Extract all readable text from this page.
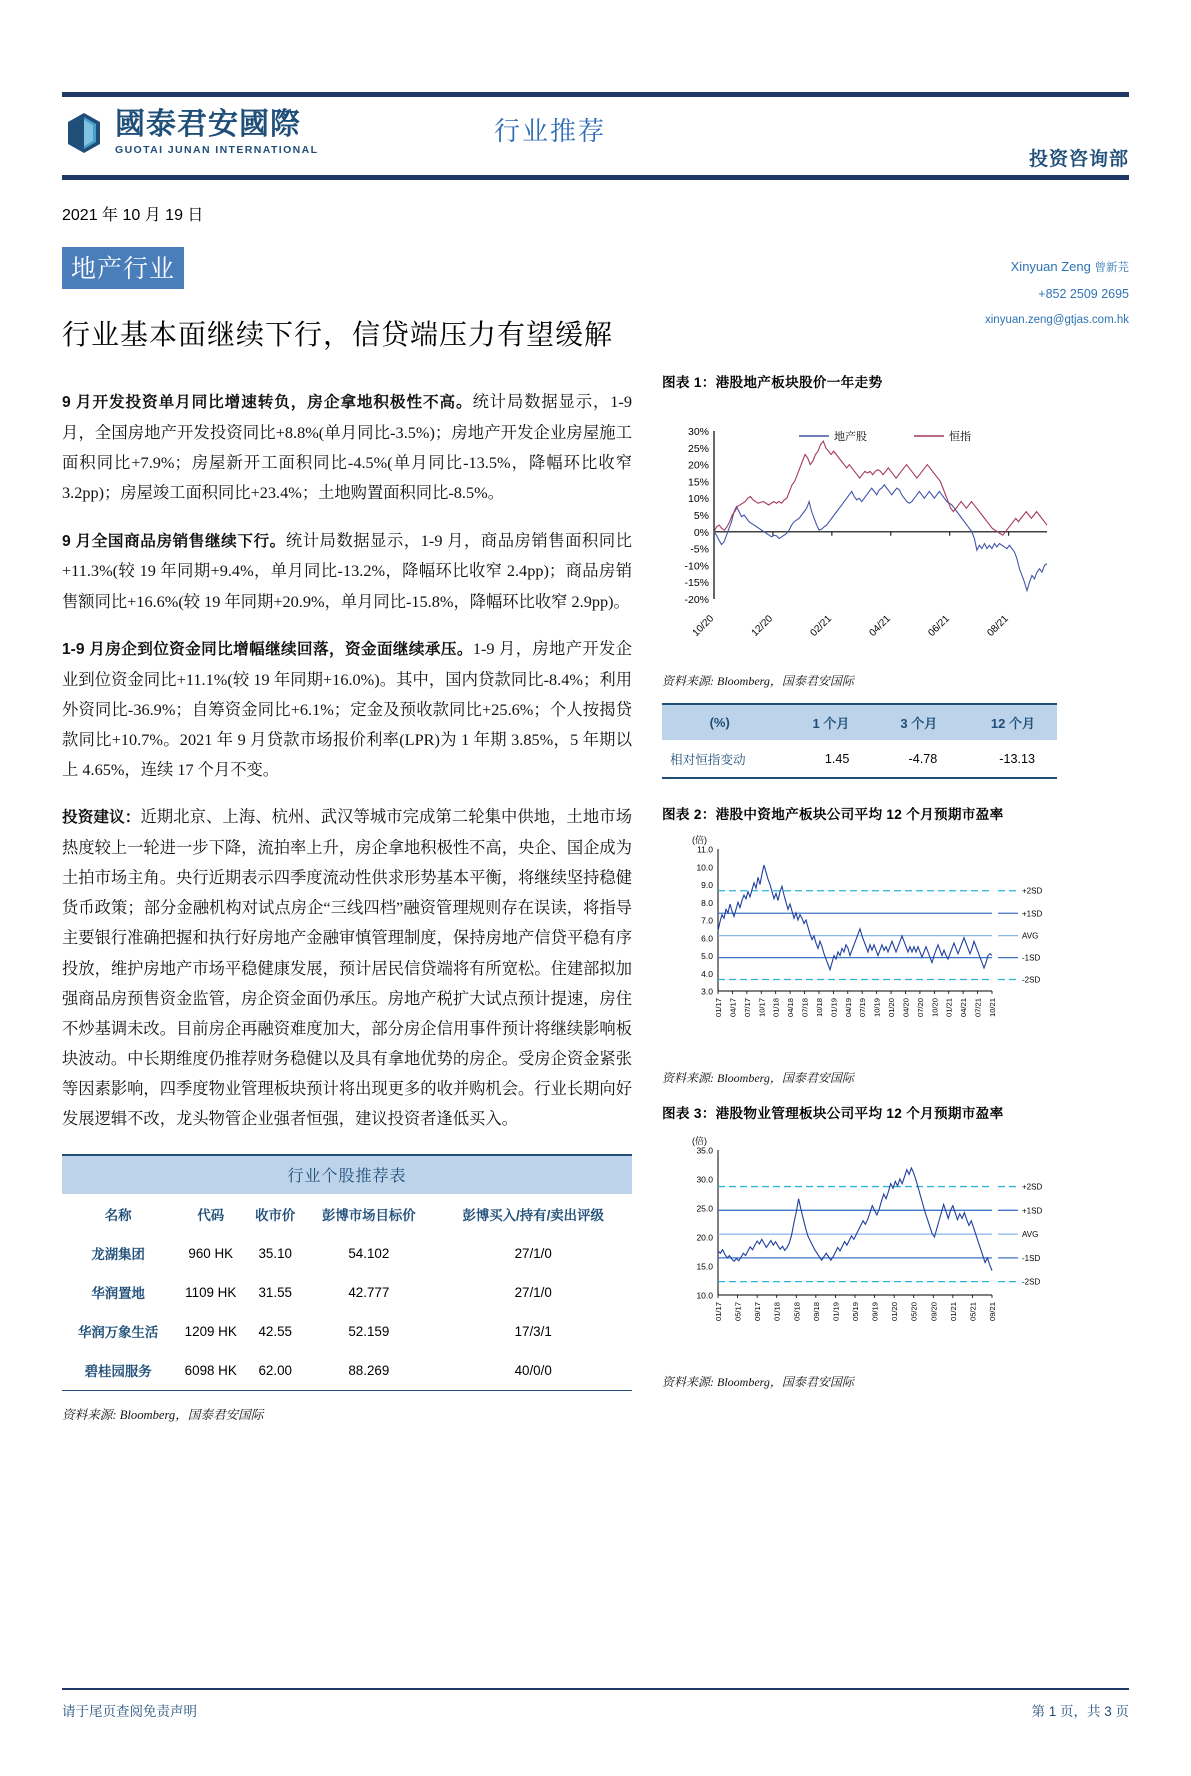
國泰君安國際
GUOTAI JUNAN INTERNATIONAL
行业推荐
投资咨询部
2021 年 10 月 19 日
地产行业
行业基本面继续下行，信贷端压力有望缓解
Xinyuan Zeng 曾新芫
+852 2509 2695
xinyuan.zeng@gtjas.com.hk

9 月开发投资单月同比增速转负，房企拿地积极性不高。统计局数据显示，1-9 月，全国房地产开发投资同比+8.8%(单月同比-3.5%)；房地产开发企业房屋施工面积同比+7.9%；房屋新开工面积同比-4.5%(单月同比-13.5%，降幅环比收窄 3.2pp)；房屋竣工面积同比+23.4%；土地购置面积同比-8.5%。

9 月全国商品房销售继续下行。统计局数据显示，1-9 月，商品房销售面积同比+11.3%(较 19 年同期+9.4%，单月同比-13.2%，降幅环比收窄 2.4pp)；商品房销售额同比+16.6%(较 19 年同期+20.9%，单月同比-15.8%，降幅环比收窄 2.9pp)。

1-9 月房企到位资金同比增幅继续回落，资金面继续承压。1-9 月，房地产开发企业到位资金同比+11.1%(较 19 年同期+16.0%)。其中，国内贷款同比-8.4%；利用外资同比-36.9%；自筹资金同比+6.1%；定金及预收款同比+25.6%；个人按揭贷款同比+10.7%。2021 年 9 月贷款市场报价利率(LPR)为 1 年期 3.85%，5 年期以上 4.65%，连续 17 个月不变。

投资建议：近期北京、上海、杭州、武汉等城市完成第二轮集中供地，土地市场热度较上一轮进一步下降，流拍率上升，房企拿地积极性不高，央企、国企成为土拍市场主角。央行近期表示四季度流动性供求形势基本平衡，将继续坚持稳健货币政策；部分金融机构对试点房企“三线四档”融资管理规则存在误读，将指导主要银行准确把握和执行好房地产金融审慎管理制度，保持房地产信贷平稳有序投放，维护房地产市场平稳健康发展，预计居民信贷端将有所宽松。住建部拟加强商品房预售资金监管，房企资金面仍承压。房地产税扩大试点预计提速，房住不炒基调未改。目前房企再融资难度加大，部分房企信用事件预计将继续影响板块波动。中长期维度仍推荐财务稳健以及具有拿地优势的房企。受房企资金紧张等因素影响，四季度物业管理板块预计将出现更多的收并购机会。行业长期向好发展逻辑不改，龙头物管企业强者恒强，建议投资者逢低买入。

行业个股推荐表				
名称	代码	收市价	彭博市场目标价	彭博买入/持有/卖出评级
龙湖集团	960 HK	35.10	54.102	27/1/0
华润置地	1109 HK	31.55	42.777	27/1/0
华润万象生活	1209 HK	42.55	52.159	17/3/1
碧桂园服务	6098 HK	62.00	88.269	40/0/0
资料来源: Bloomberg，国泰君安国际
图表 1：港股地产板块股价一年走势
30%
25%
20%
15%
10%
5%
0%
-5%
-10%
-15%
-20%
10/20	12/20	02/21	04/21	06/21	08/21
地产股	恒指
资料来源: Bloomberg，国泰君安国际
(%)	1 个月	3 个月	12 个月
相对恒指变动	1.45	-4.78	-13.13
图表 2：港股中资地产板块公司平均 12 个月预期市盈率
(倍)
11.0
10.0
9.0
8.0
7.0
6.0
5.0
4.0
3.0
+2SD
+1SD
AVG
-1SD
-2SD
01/17 04/17 07/17 10/17 01/18 04/18 07/18 10/18 01/19 04/19 07/19 10/19 01/20 04/20 07/20 10/20 01/21 04/21 07/21 10/21
资料来源: Bloomberg，国泰君安国际
图表 3：港股物业管理板块公司平均 12 个月预期市盈率
(倍)
35.0
30.0
25.0
20.0
15.0
10.0
+2SD
+1SD
AVG
-1SD
-2SD
01/17 05/17 09/17 01/18 05/18 09/18 01/19 05/19 09/19 01/20 05/20 09/20 01/21 05/21 09/21
资料来源: Bloomberg，国泰君安国际
请于尾页查阅免责声明	第 1 页，共 3 页
